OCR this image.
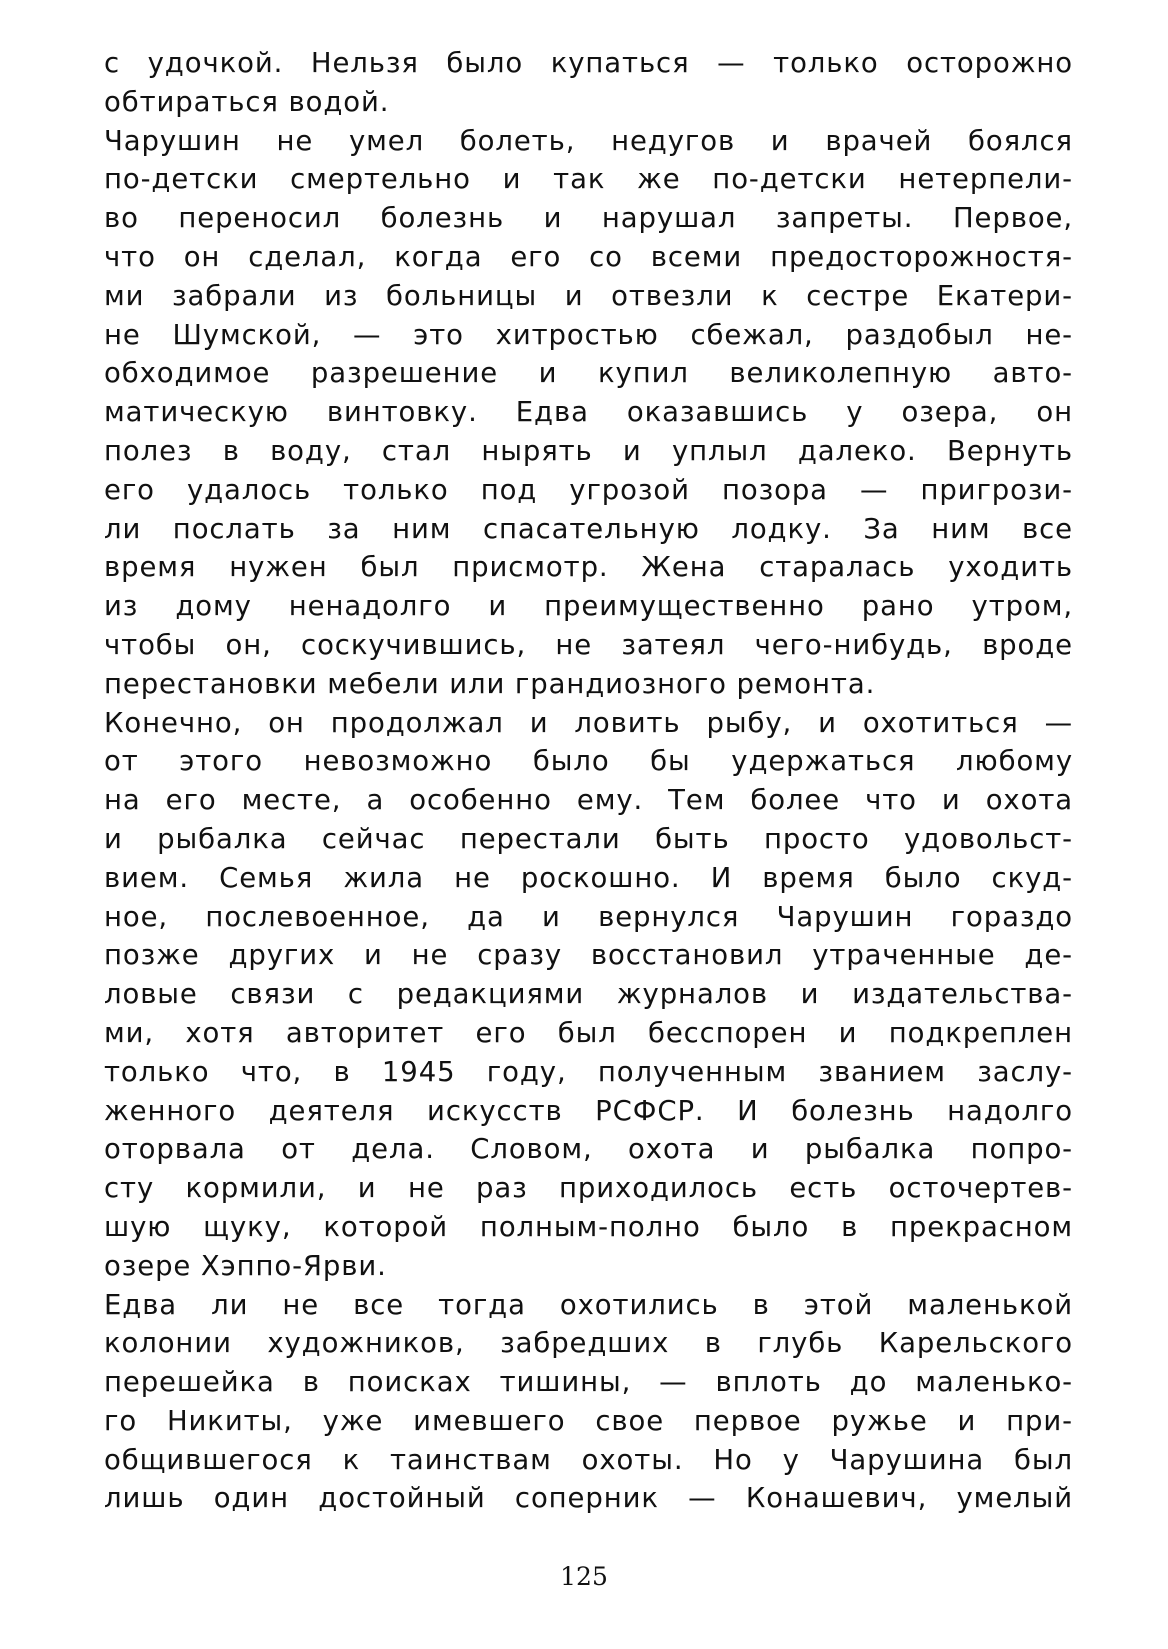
с удочкой. Нельзя было купаться — только осторожно
обтираться водой.

Чарушин не умел болеть, недугов и врачей боялся
по-детски смертельно и так же по-детски нетерпели-
во переносил болезнь и нарушал запреты. Первое,
что он сделал, когда его со всеми предосторожностя-
ми забрали из больницы и отвезли к сестре Екатери-
не Шумской, — это хитростью сбежал, раздобыл не-
обходимое разрешение и купил великолепную авто-
матическую винтовку. Едва оказавшись у озера, он
полез в воду, стал нырять и уплыл далеко. Вернуть
его удалось только под угрозой позора — пригрози-
ли послать за ним спасательную лодку. За ним все
время нужен был присмотр. Жена старалась уходить
из дому ненадолго и преимущественно рано утром,
чтобы он, соскучившись, не затеял чего-нибудь, вроде
перестановки мебели или грандиозного ремонта.

Конечно, он продолжал и ловить рыбу, и охотиться —
от этого невозможно было бы удержаться любому
на его месте, а особенно ему. Тем более что и охота
и рыбалка сейчас перестали быть просто удовольст-
вием. Семья жила не роскошно. И время было скуд-
ное, послевоенное, да и вернулся Чарушин гораздо
позже других и не сразу восстановил утраченные де-
ловые связи с редакциями журналов и издательства-
ми, хотя авторитет его был бесспорен и подкреплен
только что, в 1945 году, полученным званием заслу-
женного деятеля искусств РСФСР. И болезнь надолго
оторвала от дела. Словом, охота и рыбалка попро-
сту кормили, и не раз приходилось есть осточертев-
шую щуку, которой полным-полно было в прекрасном
озере Хэппо-Ярви.

Едва ли не все тогда охотились в этой маленькой
колонии художников, забредших в глубь Карельского
перешейка в поисках тишины, — вплоть до маленько-
го Никиты, уже имевшего свое первое ружье и при-
общившегося к таинствам охоты. Но у Чарушина был
лишь один достойный соперник — Конашевич, умелый

125
